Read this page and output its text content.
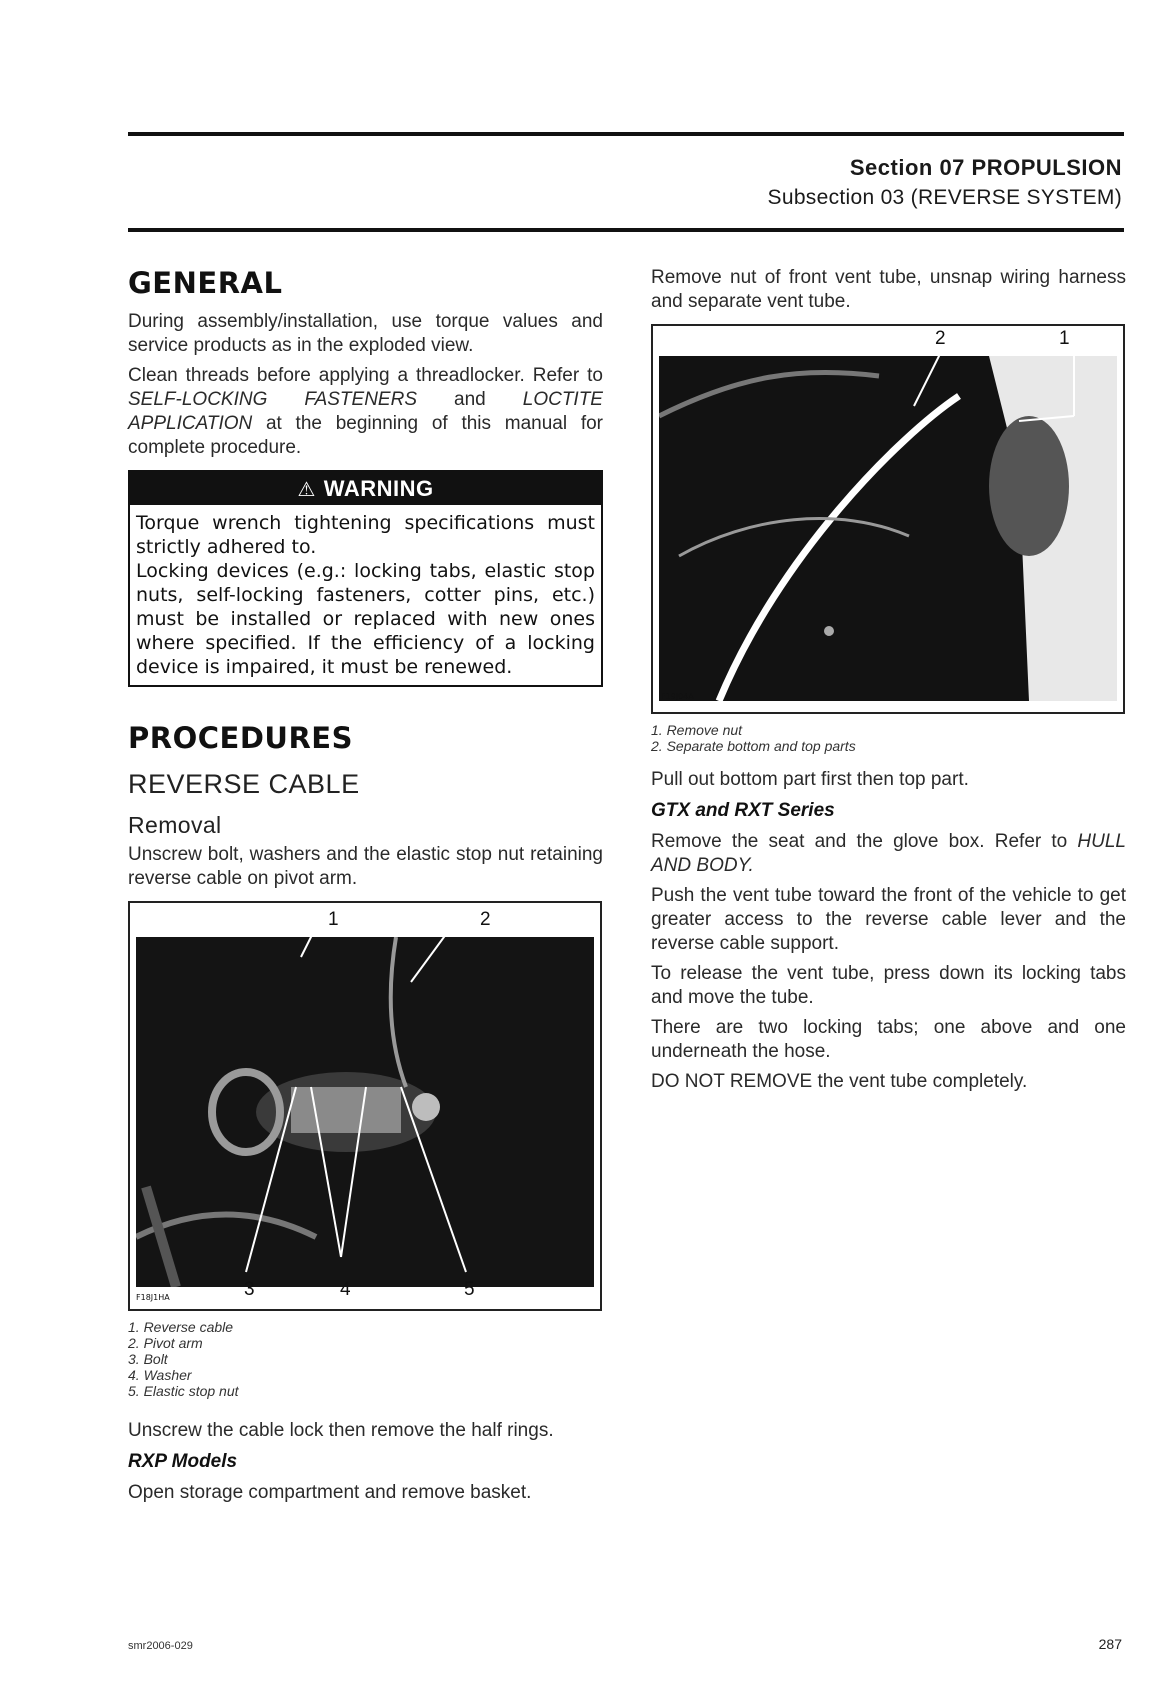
Section 07 PROPULSION
Subsection 03 (REVERSE SYSTEM)
GENERAL

During assembly/installation, use torque values and service products as in the exploded view.

Clean threads before applying a threadlocker. Refer to SELF-LOCKING FASTENERS and LOCTITE APPLICATION at the beginning of this manual for complete procedure.

⚠ WARNING

Torque wrench tightening specifications must strictly adhered to.

Locking devices (e.g.: locking tabs, elastic stop nuts, self-locking fasteners, cotter pins, etc.) must be installed or replaced with new ones where specified. If the efficiency of a locking device is impaired, it must be renewed.

PROCEDURES
REVERSE CABLE
Removal

Unscrew bolt, washers and the elastic stop nut retaining reverse cable on pivot arm.

1	2
3	4	5
F18J1HA
1. Reverse cable
2. Pivot arm
3. Bolt
4. Washer
5. Elastic stop nut

Unscrew the cable lock then remove the half rings.

RXP Models

Open storage compartment and remove basket.

Remove nut of front vent tube, unsnap wiring harness and separate vent tube.

2	1
F19J04A
1. Remove nut
2. Separate bottom and top parts

Pull out bottom part first then top part.

GTX and RXT Series

Remove the seat and the glove box. Refer to HULL AND BODY.

Push the vent tube toward the front of the vehicle to get greater access to the reverse cable lever and the reverse cable support.

To release the vent tube, press down its locking tabs and move the tube.

There are two locking tabs; one above and one underneath the hose.

DO NOT REMOVE the vent tube completely.

smr2006-029	287
